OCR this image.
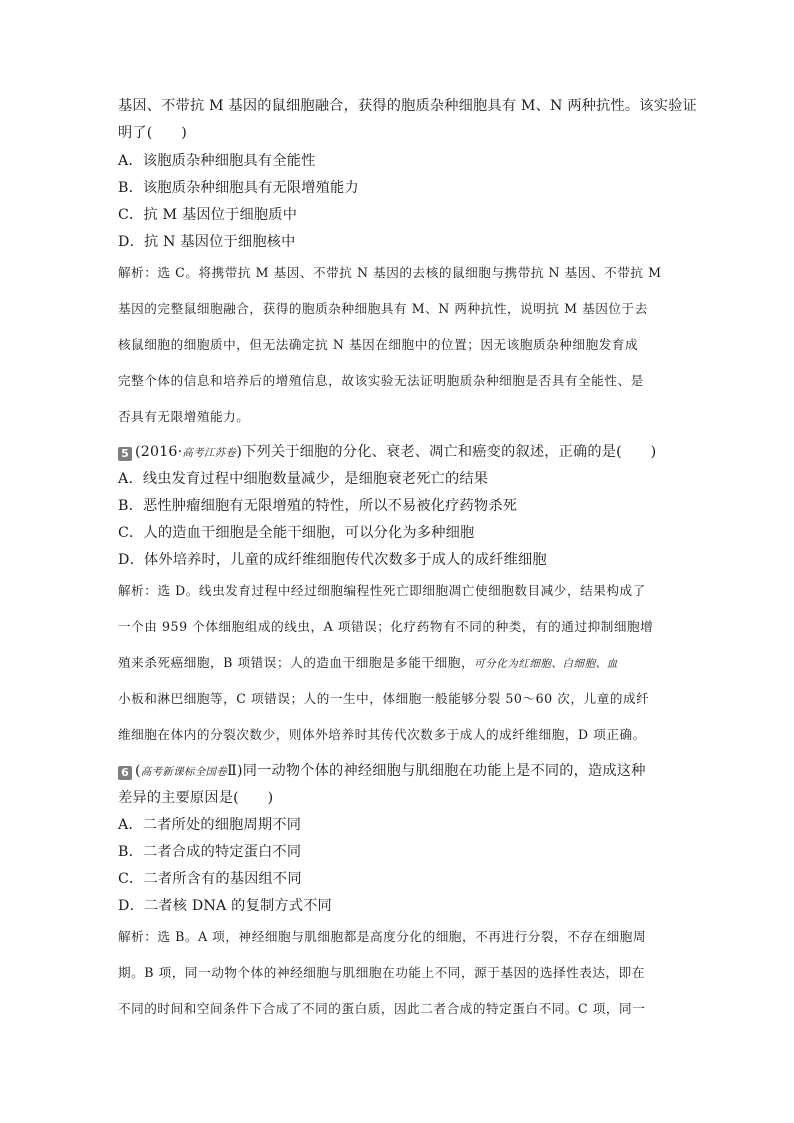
基因、不带抗 M 基因的鼠细胞融合，获得的胞质杂种细胞具有 M、N 两种抗性。该实验证
明了(　　)
A．该胞质杂种细胞具有全能性
B．该胞质杂种细胞具有无限增殖能力
C．抗 M 基因位于细胞质中
D．抗 N 基因位于细胞核中
解析：选 C。将携带抗 M 基因、不带抗 N 基因的去核的鼠细胞与携带抗 N 基因、不带抗 M
基因的完整鼠细胞融合，获得的胞质杂种细胞具有 M、N 两种抗性，说明抗 M 基因位于去
核鼠细胞的细胞质中，但无法确定抗 N 基因在细胞中的位置；因无该胞质杂种细胞发育成
完整个体的信息和培养后的增殖信息，故该实验无法证明胞质杂种细胞是否具有全能性、是
否具有无限增殖能力。
5 (2016·高考江苏卷)下列关于细胞的分化、衰老、凋亡和癌变的叙述，正确的是(　　)
A．线虫发育过程中细胞数量减少，是细胞衰老死亡的结果
B．恶性肿瘤细胞有无限增殖的特性，所以不易被化疗药物杀死
C．人的造血干细胞是全能干细胞，可以分化为多种细胞
D．体外培养时，儿童的成纤维细胞传代次数多于成人的成纤维细胞
解析：选 D。线虫发育过程中经过细胞编程性死亡即细胞凋亡使细胞数目减少，结果构成了
一个由 959 个体细胞组成的线虫，A 项错误；化疗药物有不同的种类，有的通过抑制细胞增
殖来杀死癌细胞，B 项错误；人的造血干细胞是多能干细胞，可分化为红细胞、白细胞、血
小板和淋巴细胞等，C 项错误；人的一生中，体细胞一般能够分裂 50～60 次，儿童的成纤
维细胞在体内的分裂次数少，则体外培养时其传代次数多于成人的成纤维细胞，D 项正确。
6 (高考新课标全国卷Ⅱ)同一动物个体的神经细胞与肌细胞在功能上是不同的，造成这种
差异的主要原因是(　　)
A．二者所处的细胞周期不同
B．二者合成的特定蛋白不同
C．二者所含有的基因组不同
D．二者核 DNA 的复制方式不同
解析：选 B。A 项，神经细胞与肌细胞都是高度分化的细胞，不再进行分裂，不存在细胞周
期。B 项，同一动物个体的神经细胞与肌细胞在功能上不同，源于基因的选择性表达，即在
不同的时间和空间条件下合成了不同的蛋白质，因此二者合成的特定蛋白不同。C 项，同一
